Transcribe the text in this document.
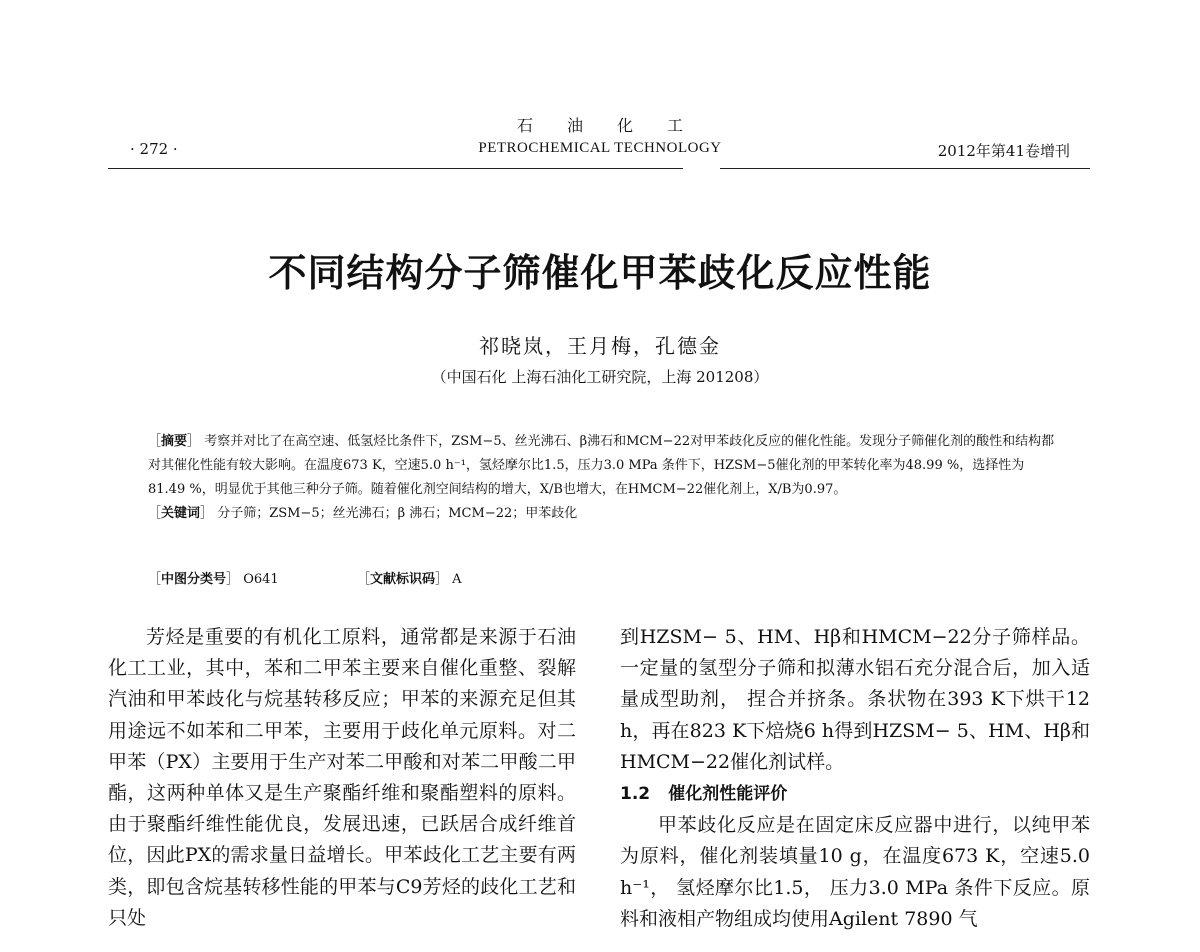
· 272 ·
石油化工
PETROCHEMICAL TECHNOLOGY	2012年第41卷增刊
不同结构分子筛催化甲苯歧化反应性能
祁晓岚，王月梅，孔德金
（中国石化 上海石油化工研究院，上海 201208）
［摘要］ 考察并对比了在高空速、低氢烃比条件下，ZSM−5、丝光沸石、β沸石和MCM−22对甲苯歧化反应的催化性能。发现分子筛催化剂的酸性和结构都对其催化性能有较大影响。在温度673 K，空速5.0 h⁻¹，氢烃摩尔比1.5，压力3.0 MPa 条件下，HZSM−5催化剂的甲苯转化率为48.99 %，选择性为81.49 %，明显优于其他三种分子筛。随着催化剂空间结构的增大，X/B也增大，在HMCM−22催化剂上，X/B为0.97。
［关键词］ 分子筛；ZSM−5；丝光沸石；β 沸石；MCM−22；甲苯歧化
［中图分类号］ O641	［文献标识码］ A
芳烃是重要的有机化工原料，通常都是来源于石油化工工业，其中，苯和二甲苯主要来自催化重整、裂解汽油和甲苯歧化与烷基转移反应；甲苯的来源充足但其用途远不如苯和二甲苯，主要用于歧化单元原料。对二甲苯（PX）主要用于生产对苯二甲酸和对苯二甲酸二甲酯，这两种单体又是生产聚酯纤维和聚酯塑料的原料。由于聚酯纤维性能优良，发展迅速，已跃居合成纤维首位，因此PX的需求量日益增长。甲苯歧化工艺主要有两类，即包含烷基转移性能的甲苯与C9芳烃的歧化工艺和只处
到HZSM− 5、HM、Hβ和HMCM−22分子筛样品。一定量的氢型分子筛和拟薄水铝石充分混合后，加入适量成型助剂， 捏合并挤条。条状物在393 K下烘干12 h，再在823 K下焙烧6 h得到HZSM− 5、HM、Hβ和HMCM−22催化剂试样。
1.2 催化剂性能评价
甲苯歧化反应是在固定床反应器中进行，以纯甲苯为原料，催化剂装填量10 g，在温度673 K，空速5.0 h⁻¹， 氢烃摩尔比1.5， 压力3.0 MPa 条件下反应。原料和液相产物组成均使用Agilent 7890 气
